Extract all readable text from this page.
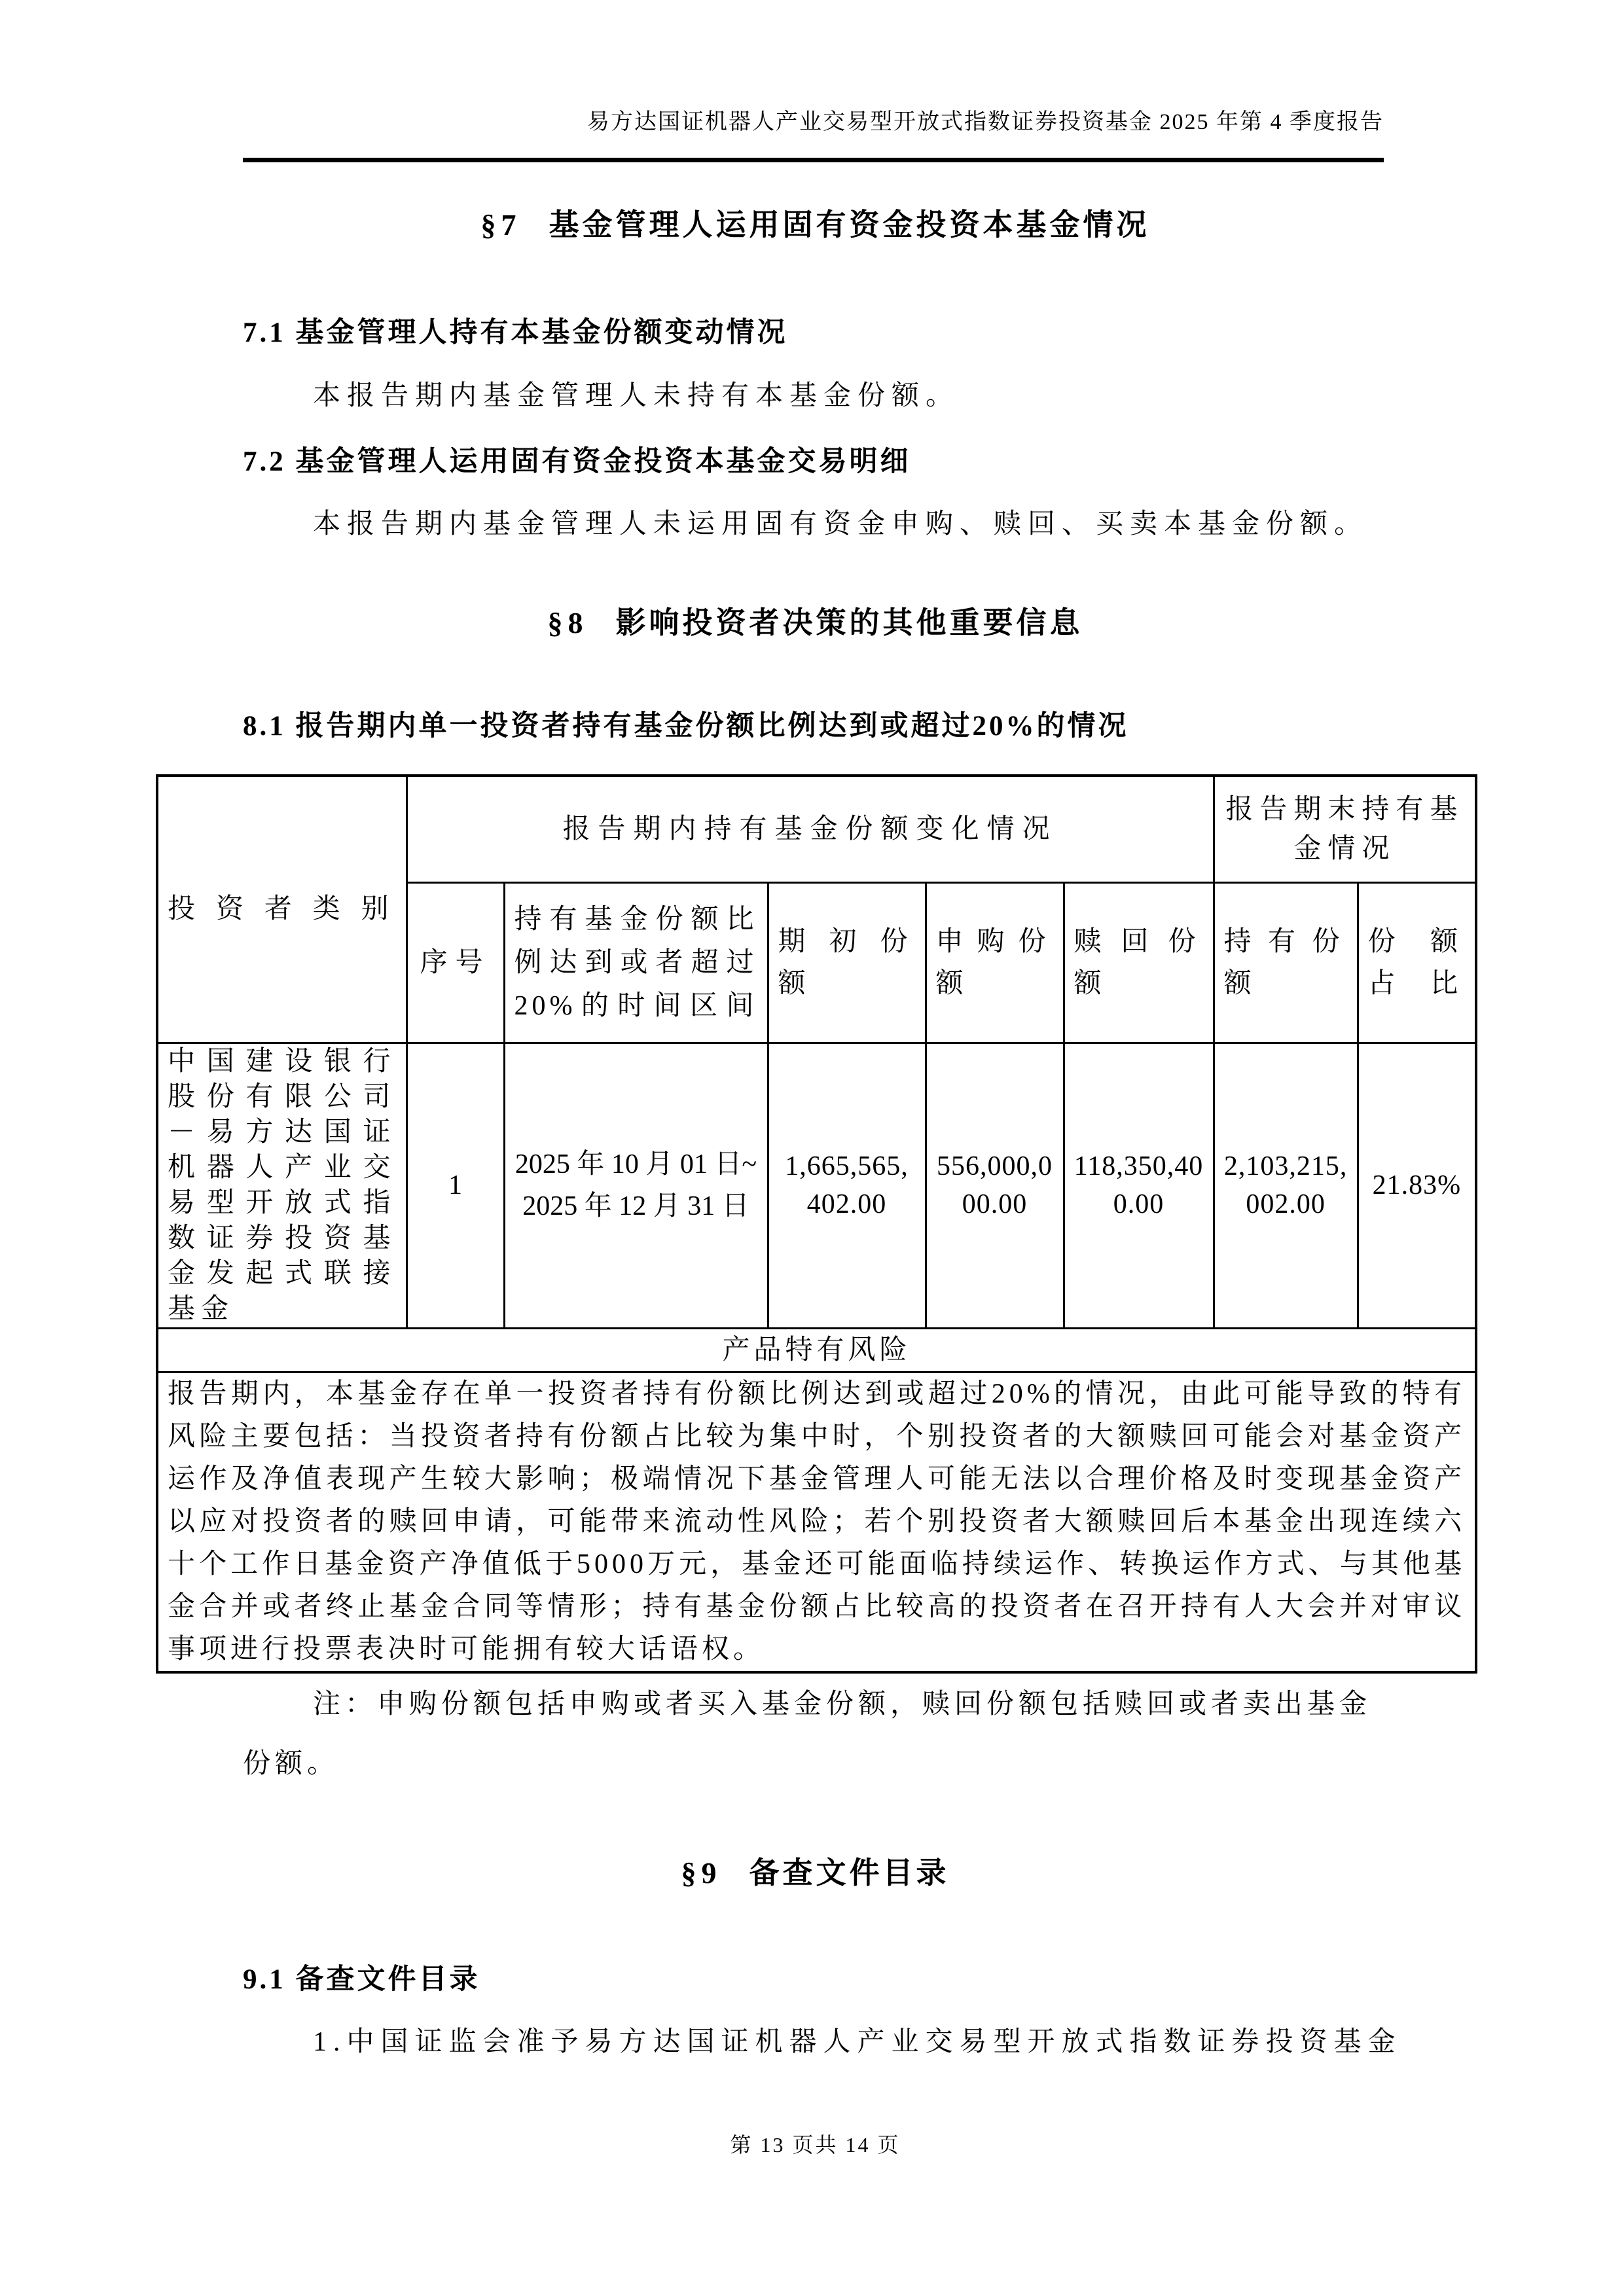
易方达国证机器人产业交易型开放式指数证券投资基金 2025 年第 4 季度报告
§7 基金管理人运用固有资金投资本基金情况
7.1 基金管理人持有本基金份额变动情况
本报告期内基金管理人未持有本基金份额。
7.2 基金管理人运用固有资金投资本基金交易明细
本报告期内基金管理人未运用固有资金申购、赎回、买卖本基金份额。
§8 影响投资者决策的其他重要信息
8.1 报告期内单一投资者持有基金份额比例达到或超过20%的情况
投资者类别	报告期内持有基金份额变化情况					报告期末持有基金情况	
	序号	持有基金份额比例达到或者超过20%的时间区间	期初份额	申购份额	赎回份额	持有份额	份额占比
中国建设银行股份有限公司－易方达国证机器人产业交易型开放式指数证券投资基金发起式联接基金	1	2025 年 10 月 01 日~2025 年 12 月 31 日	1,665,565,402.00	556,000,000.00	118,350,400.00	2,103,215,002.00	21.83%
产品特有风险							
报告期内，本基金存在单一投资者持有份额比例达到或超过20%的情况，由此可能导致的特有风险主要包括：当投资者持有份额占比较为集中时，个别投资者的大额赎回可能会对基金资产运作及净值表现产生较大影响；极端情况下基金管理人可能无法以合理价格及时变现基金资产以应对投资者的赎回申请，可能带来流动性风险；若个别投资者大额赎回后本基金出现连续六十个工作日基金资产净值低于5000万元，基金还可能面临持续运作、转换运作方式、与其他基金合并或者终止基金合同等情形；持有基金份额占比较高的投资者在召开持有人大会并对审议事项进行投票表决时可能拥有较大话语权。							
注：申购份额包括申购或者买入基金份额，赎回份额包括赎回或者卖出基金
份额。
§9 备查文件目录
9.1 备查文件目录
1.中国证监会准予易方达国证机器人产业交易型开放式指数证券投资基金
第 13 页共 14 页
